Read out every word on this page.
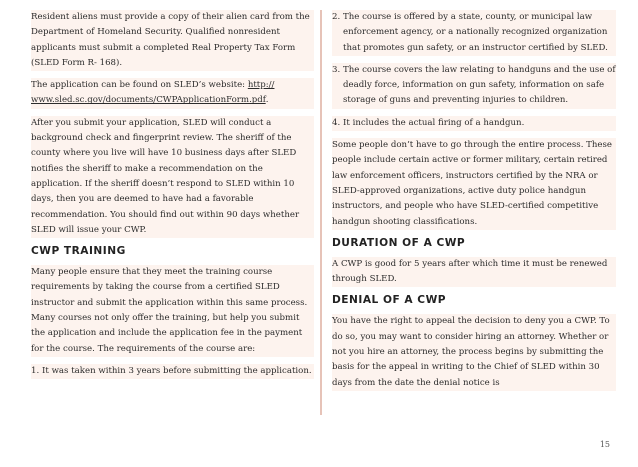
Resident aliens must provide a copy of their alien card from the Department of Homeland Security. Qualified nonresident applicants must submit a completed Real Property Tax Form (SLED Form R- 168).

The application can be found on SLED’s website: http:// www.sled.sc.gov/documents/CWPApplicationForm.pdf.

After you submit your application, SLED will conduct a background check and fingerprint review. The sheriff of the county where you live will have 10 business days after SLED notifies the sheriff to make a recommendation on the application. If the sheriff doesn’t respond to SLED within 10 days, then you are deemed to have had a favorable recommendation. You should find out within 90 days whether SLED will issue your CWP.

CWP TRAINING

Many people ensure that they meet the training course requirements by taking the course from a certified SLED instructor and submit the application within this same process. Many courses not only offer the training, but help you submit the application and include the application fee in the payment for the course. The requirements of the course are:

1. It was taken within 3 years before submitting the application.
2. The course is offered by a state, county, or municipal law enforcement agency, or a nationally recognized organization that promotes gun safety, or an instructor certified by SLED.
3. The course covers the law relating to handguns and the use of deadly force, information on gun safety, information on safe storage of guns and preventing injuries to children.
4. It includes the actual firing of a handgun.

Some people don’t have to go through the entire process. These people include certain active or former military, certain retired law enforcement officers, instructors certified by the NRA or SLED-approved organizations, active duty police handgun instructors, and people who have SLED-certified competitive handgun shooting classifications.

DURATION OF A CWP

A CWP is good for 5 years after which time it must be renewed through SLED.

DENIAL OF A CWP

You have the right to appeal the decision to deny you a CWP. To do so, you may want to consider hiring an attorney. Whether or not you hire an attorney, the process begins by submitting the basis for the appeal in writing to the Chief of SLED within 30 days from the date the denial notice is

15
